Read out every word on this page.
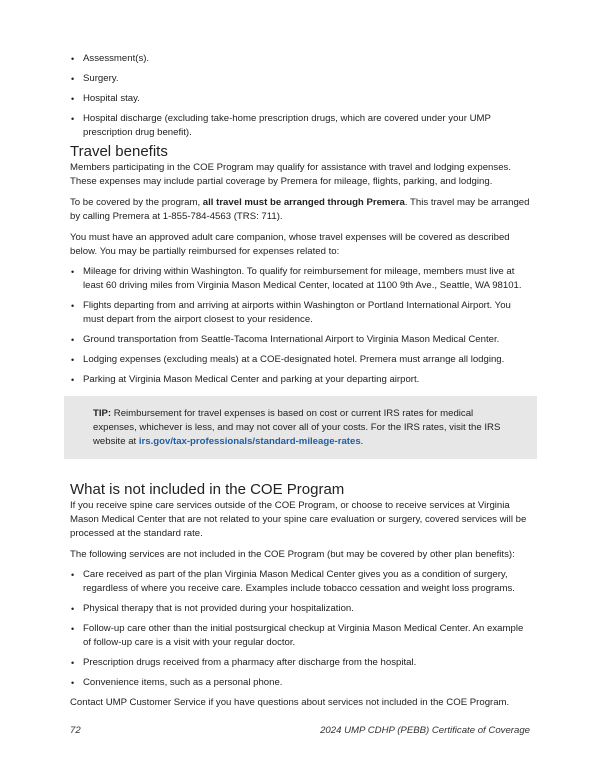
• Assessment(s).
• Surgery.
• Hospital stay.
• Hospital discharge (excluding take-home prescription drugs, which are covered under your UMP prescription drug benefit).
Travel benefits

Members participating in the COE Program may qualify for assistance with travel and lodging expenses. These expenses may include partial coverage by Premera for mileage, flights, parking, and lodging.

To be covered by the program, all travel must be arranged through Premera. This travel may be arranged by calling Premera at 1-855-784-4563 (TRS: 711).

You must have an approved adult care companion, whose travel expenses will be covered as described below. You may be partially reimbursed for expenses related to:

• Mileage for driving within Washington. To qualify for reimbursement for mileage, members must live at least 60 driving miles from Virginia Mason Medical Center, located at 1100 9th Ave., Seattle, WA 98101.
• Flights departing from and arriving at airports within Washington or Portland International Airport. You must depart from the airport closest to your residence.
• Ground transportation from Seattle-Tacoma International Airport to Virginia Mason Medical Center.
• Lodging expenses (excluding meals) at a COE-designated hotel. Premera must arrange all lodging.
• Parking at Virginia Mason Medical Center and parking at your departing airport.
TIP: Reimbursement for travel expenses is based on cost or current IRS rates for medical expenses, whichever is less, and may not cover all of your costs. For the IRS rates, visit the IRS website at irs.gov/tax-professionals/standard-mileage-rates.
What is not included in the COE Program

If you receive spine care services outside of the COE Program, or choose to receive services at Virginia Mason Medical Center that are not related to your spine care evaluation or surgery, covered services will be processed at the standard rate.

The following services are not included in the COE Program (but may be covered by other plan benefits):

• Care received as part of the plan Virginia Mason Medical Center gives you as a condition of surgery, regardless of where you receive care. Examples include tobacco cessation and weight loss programs.
• Physical therapy that is not provided during your hospitalization.
• Follow-up care other than the initial postsurgical checkup at Virginia Mason Medical Center. An example of follow-up care is a visit with your regular doctor.
• Prescription drugs received from a pharmacy after discharge from the hospital.
• Convenience items, such as a personal phone.

Contact UMP Customer Service if you have questions about services not included in the COE Program.

72	2024 UMP CDHP (PEBB) Certificate of Coverage
